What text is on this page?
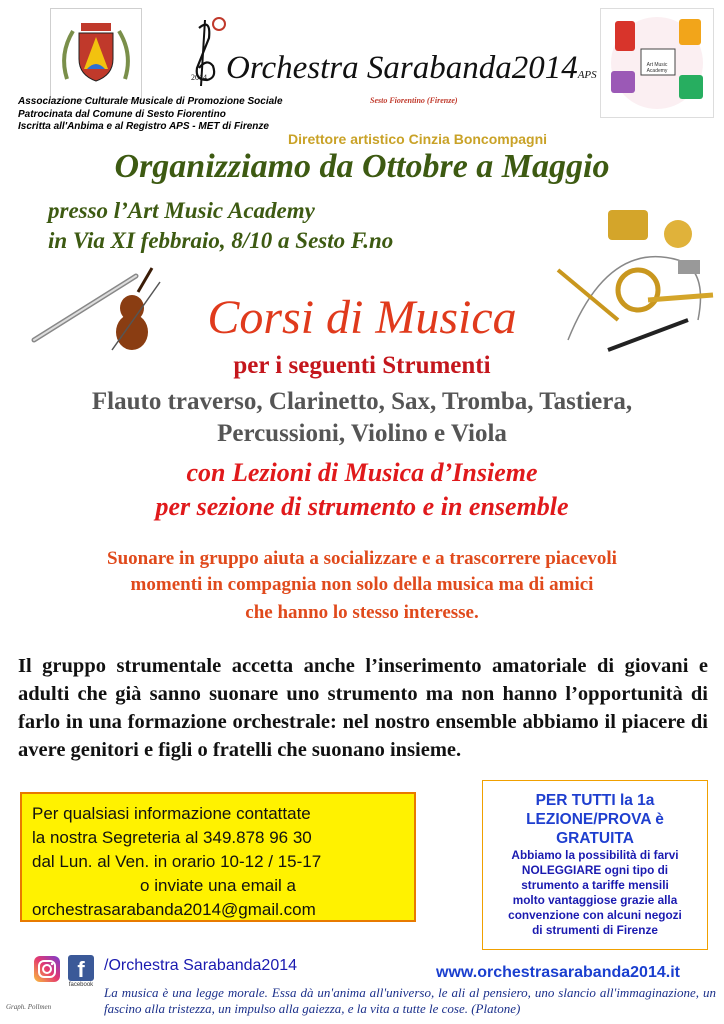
2014 Orchestra Sarabanda2014APS
Sesto Fiorentino (Firenze)
Associazione Culturale Musicale di Promozione Sociale
Patrocinata dal Comune di Sesto Fiorentino
Iscritta all'Anbima e al Registro APS - MET di Firenze
Art Music Academy
Direttore artistico Cinzia Boncompagni
Organizziamo da Ottobre a Maggio
presso l’Art Music Academy
in Via XI febbraio, 8/10 a Sesto F.no
Corsi di Musica
per i seguenti Strumenti
Flauto traverso, Clarinetto, Sax, Tromba, Tastiera,
Percussioni, Violino e Viola
con Lezioni di Musica d’Insieme
per sezione di strumento e in ensemble
Suonare in gruppo aiuta a socializzare e a trascorrere piacevoli
momenti in compagnia non solo della musica ma di amici
che hanno lo stesso interesse.
Il gruppo strumentale accetta anche l’inserimento amatoriale di giovani e adulti che già sanno suonare uno strumento ma non hanno l’opportunità di farlo in una formazione orchestrale: nel nostro ensemble abbiamo il piacere di avere genitori e figli o fratelli che suonano insieme.
Per qualsiasi informazione contattate
la nostra Segreteria al 349.878 96 30
dal Lun. al Ven. in orario 10-12 / 15-17
o inviate una email a
orchestrasarabanda2014@gmail.com
PER TUTTI la 1a
LEZIONE/PROVA è
GRATUITA
Abbiamo la possibilità di farvi
NOLEGGIARE ogni tipo di
strumento a tariffe mensili
molto vantaggiose grazie alla
convenzione con alcuni negozi
di strumenti di Firenze
f
facebook
/Orchestra Sarabanda2014	www.orchestrasarabanda2014.it
Graph. Pollmen
La musica è una legge morale. Essa dà un'anima all'universo, le ali al pensiero, uno slancio all'immaginazione, un fascino alla tristezza, un impulso alla gaiezza, e la vita a tutte le cose. (Platone)
